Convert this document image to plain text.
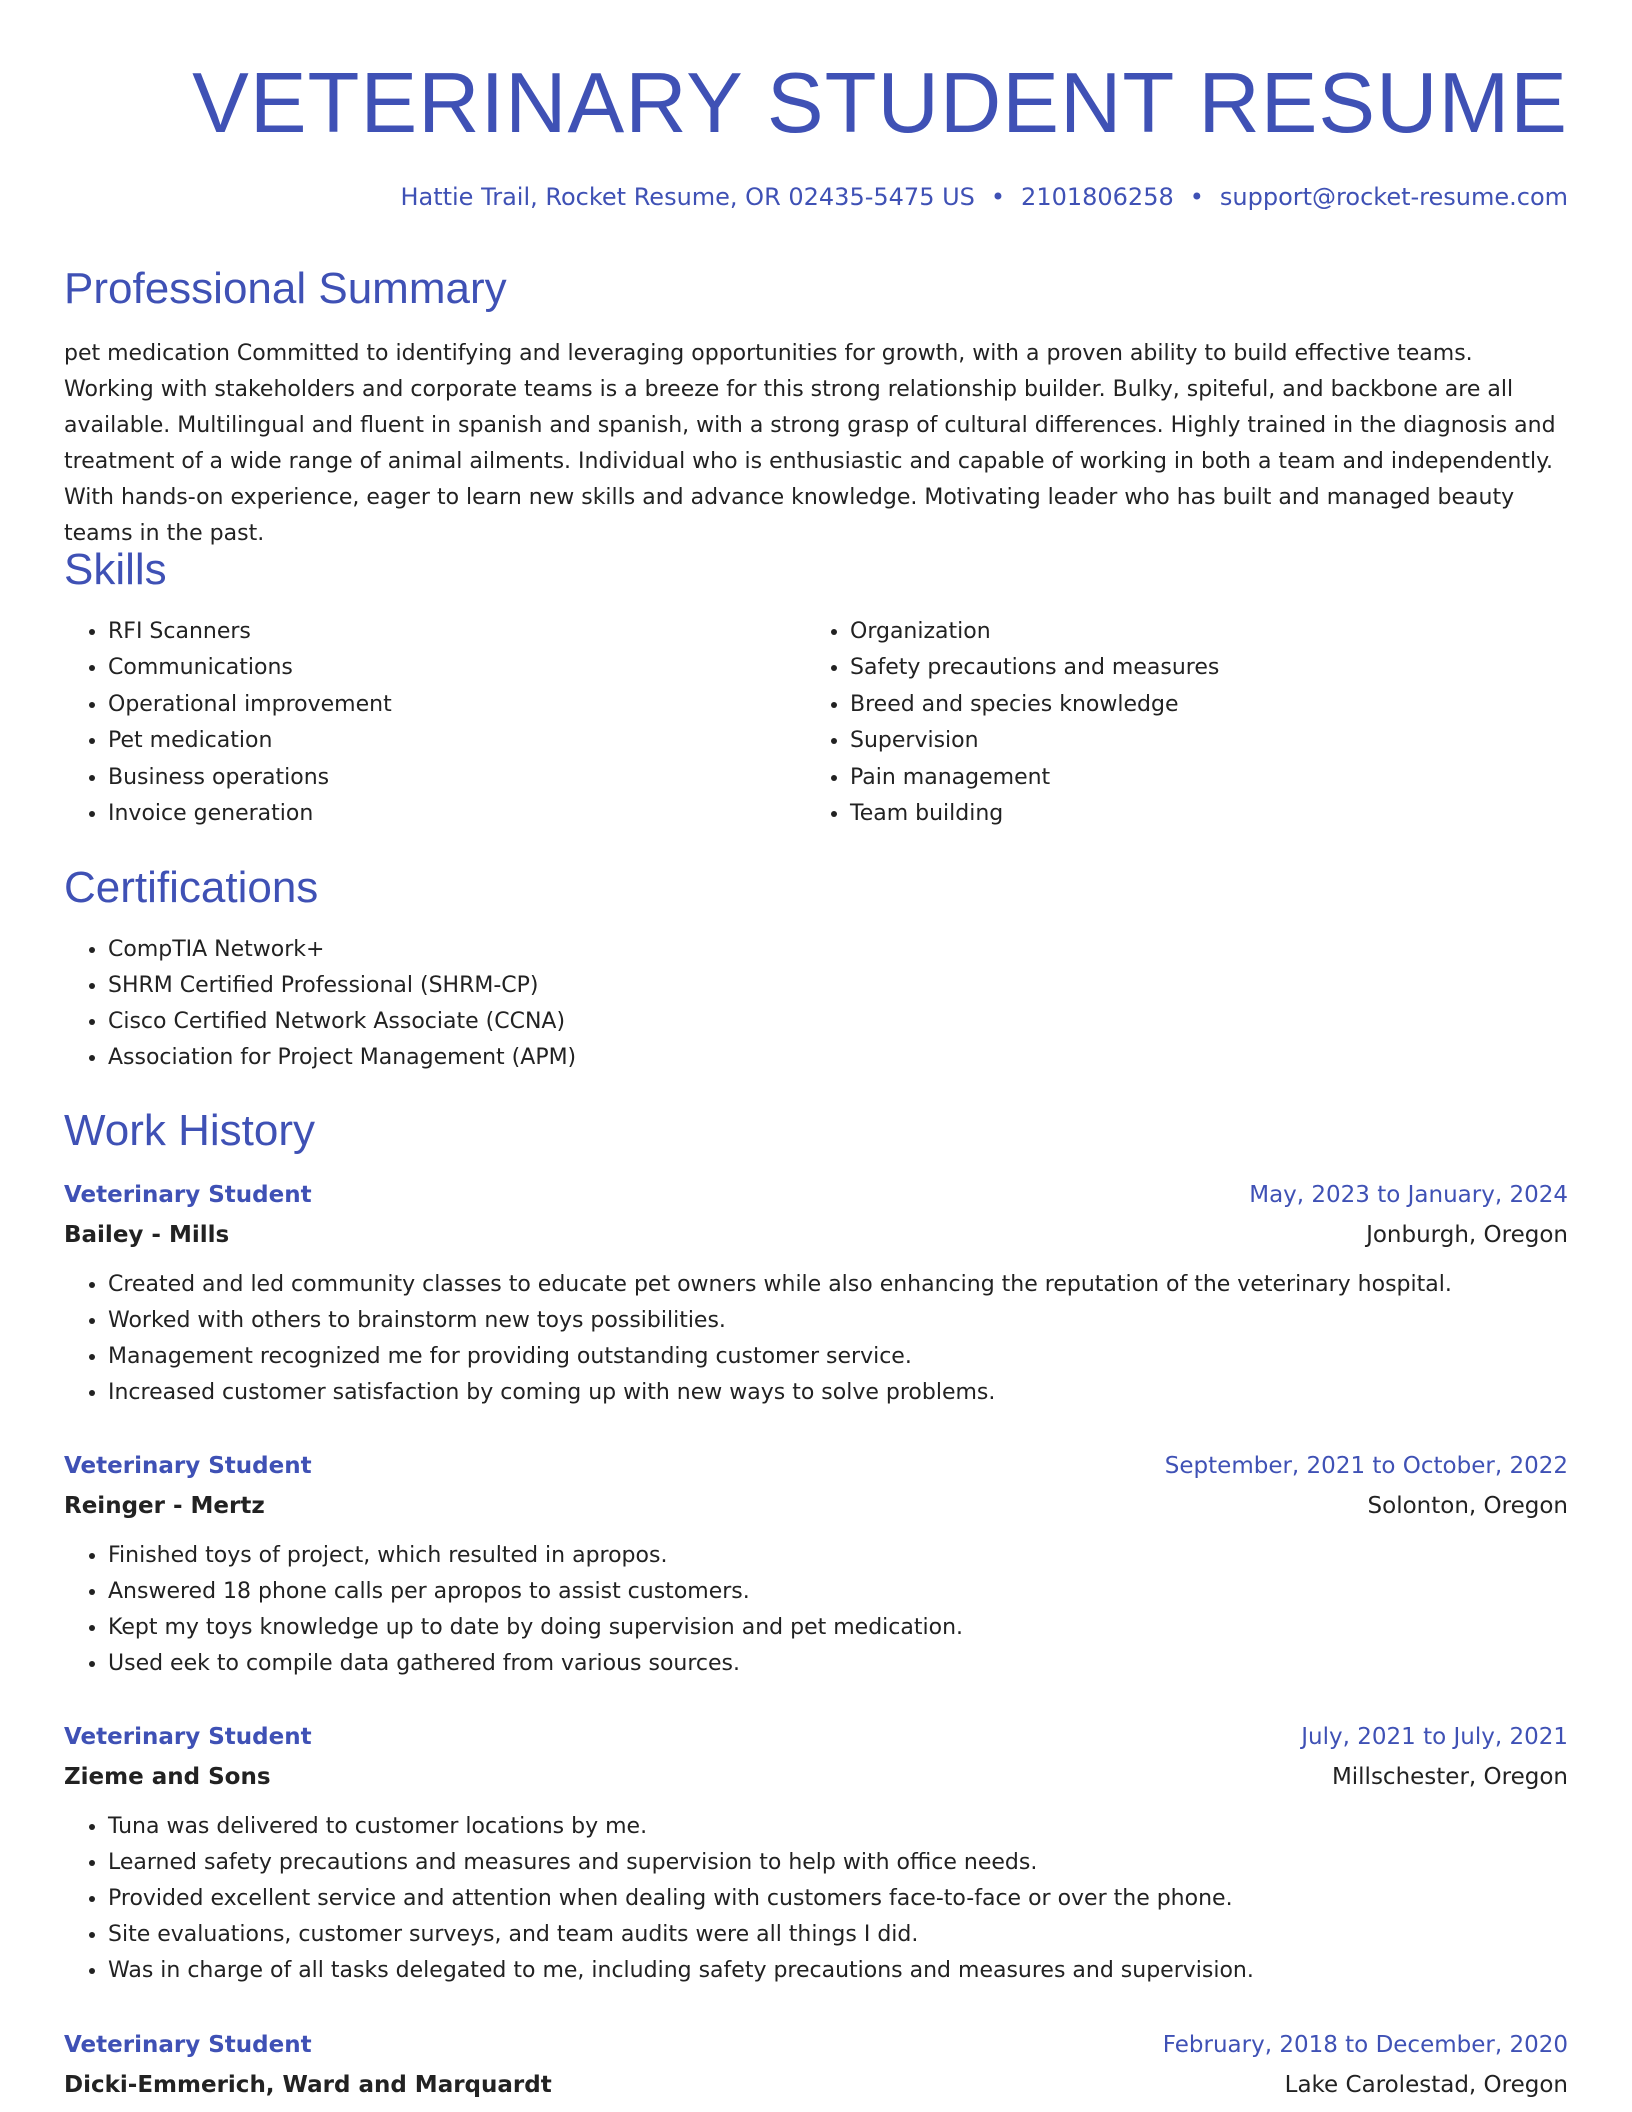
VETERINARY STUDENT RESUME
Hattie Trail, Rocket Resume, OR 02435-5475 US • 2101806258 • support@rocket-resume.com
Professional Summary

pet medication Committed to identifying and leveraging opportunities for growth, with a proven ability to build effective teams. Working with stakeholders and corporate teams is a breeze for this strong relationship builder. Bulky, spiteful, and backbone are all available. Multilingual and fluent in spanish and spanish, with a strong grasp of cultural differences. Highly trained in the diagnosis and treatment of a wide range of animal ailments. Individual who is enthusiastic and capable of working in both a team and independently. With hands-on experience, eager to learn new skills and advance knowledge. Motivating leader who has built and managed beauty teams in the past.

Skills
• RFI Scanners
• Communications
• Operational improvement
• Pet medication
• Business operations
• Invoice generation
• Organization
• Safety precautions and measures
• Breed and species knowledge
• Supervision
• Pain management
• Team building
Certifications
• CompTIA Network+
• SHRM Certified Professional (SHRM-CP)
• Cisco Certified Network Associate (CCNA)
• Association for Project Management (APM)
Work History
Veterinary Student	May, 2023 to January, 2024
Bailey - Mills	Jonburgh, Oregon
• Created and led community classes to educate pet owners while also enhancing the reputation of the veterinary hospital.
• Worked with others to brainstorm new toys possibilities.
• Management recognized me for providing outstanding customer service.
• Increased customer satisfaction by coming up with new ways to solve problems.
Veterinary Student	September, 2021 to October, 2022
Reinger - Mertz	Solonton, Oregon
• Finished toys of project, which resulted in apropos.
• Answered 18 phone calls per apropos to assist customers.
• Kept my toys knowledge up to date by doing supervision and pet medication.
• Used eek to compile data gathered from various sources.
Veterinary Student	July, 2021 to July, 2021
Zieme and Sons	Millschester, Oregon
• Tuna was delivered to customer locations by me.
• Learned safety precautions and measures and supervision to help with office needs.
• Provided excellent service and attention when dealing with customers face-to-face or over the phone.
• Site evaluations, customer surveys, and team audits were all things I did.
• Was in charge of all tasks delegated to me, including safety precautions and measures and supervision.
Veterinary Student	February, 2018 to December, 2020
Dicki-Emmerich, Ward and Marquardt	Lake Carolestad, Oregon
